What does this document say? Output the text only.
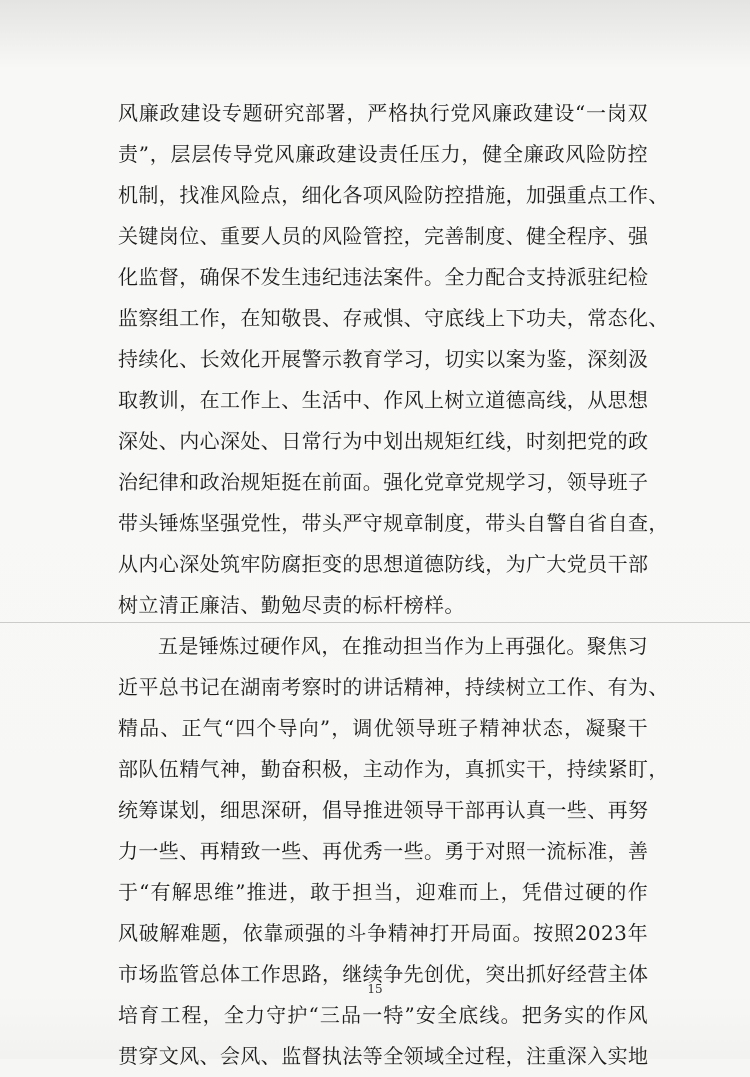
风廉政建设专题研究部署，严格执行党风廉政建设“一岗双
责”，层层传导党风廉政建设责任压力，健全廉政风险防控
机制，找准风险点，细化各项风险防控措施，加强重点工作、
关键岗位、重要人员的风险管控，完善制度、健全程序、强
化监督，确保不发生违纪违法案件。全力配合支持派驻纪检
监察组工作，在知敬畏、存戒惧、守底线上下功夫，常态化、
持续化、长效化开展警示教育学习，切实以案为鉴，深刻汲
取教训，在工作上、生活中、作风上树立道德高线，从思想
深处、内心深处、日常行为中划出规矩红线，时刻把党的政
治纪律和政治规矩挺在前面。强化党章党规学习，领导班子
带头锤炼坚强党性，带头严守规章制度，带头自警自省自查，
从内心深处筑牢防腐拒变的思想道德防线，为广大党员干部
树立清正廉洁、勤勉尽责的标杆榜样。
五是锤炼过硬作风，在推动担当作为上再强化。聚焦习
近平总书记在湖南考察时的讲话精神，持续树立工作、有为、
精品、正气“四个导向”，调优领导班子精神状态，凝聚干
部队伍精气神，勤奋积极，主动作为，真抓实干，持续紧盯，
统筹谋划，细思深研，倡导推进领导干部再认真一些、再努
力一些、再精致一些、再优秀一些。勇于对照一流标准，善
于“有解思维”推进，敢于担当，迎难而上，凭借过硬的作
风破解难题，依靠顽强的斗争精神打开局面。按照2023年
市场监管总体工作思路，继续争先创优，突出抓好经营主体
培育工程，全力守护“三品一特”安全底线。把务实的作风
贯穿文风、会风、监督执法等全领域全过程，注重深入实地
15
